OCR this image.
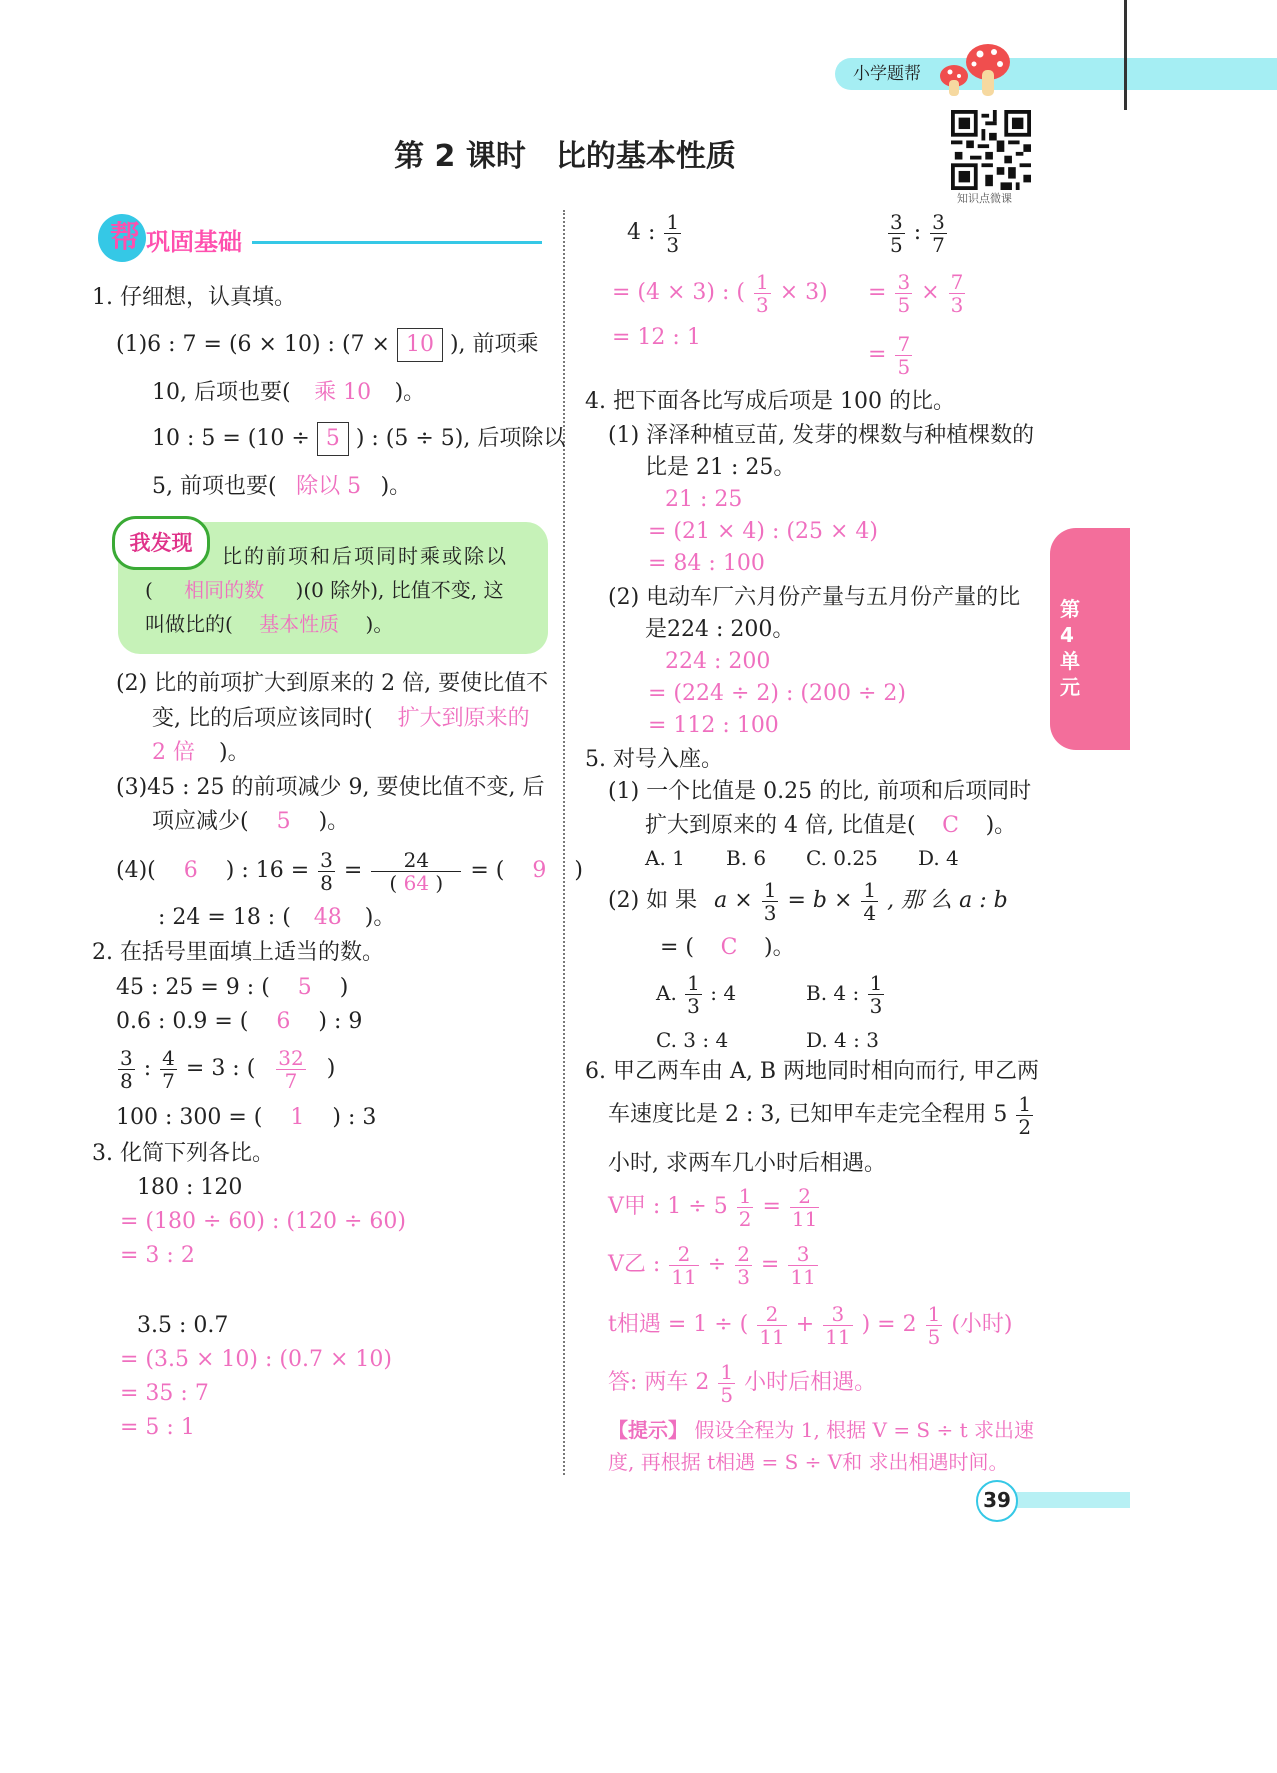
小学题帮
知识点微课
第 2 课时　比的基本性质
帮 巩固基础
第4单元
1. 仔细想，认真填。
(1)6 : 7 = (6 × 10) : (7 × 10 ), 前项乘
10, 后项也要( 乘 10 )。
10 : 5 = (10 ÷ 5 ) : (5 ÷ 5), 后项除以
5, 前项也要( 除以 5 )。
我发现
比的前项和后项同时乘或除以
( 相同的数 )(0 除外), 比值不变, 这
叫做比的( 基本性质 )。
(2) 比的前项扩大到原来的 2 倍, 要使比值不
变, 比的后项应该同时( 扩大到原来的
2 倍 )。
(3)45 : 25 的前项减少 9, 要使比值不变, 后
项应减少( 5 )。
(4)( 6 ) : $16 = \frac{3}{8} = \frac{24}{( 64 )}$ = ( 9 )
: 24 = 18 : ( 48 )。
2. 在括号里面填上适当的数。
45 : 25 = 9 : ( 5 )
0.6 : 0.9 = ( 6 ) : 9
$\frac{3}{8}$ : $\frac{4}{7} = 3$ : ( $\frac{32}{7}$ )
100 : 300 = ( 1 ) : 3
3. 化简下列各比。
180 : 120
= (180 ÷ 60) : (120 ÷ 60)
= 3 : 2
3.5 : 0.7
= (3.5 × 10) : (0.7 × 10)
= 35 : 7
= 5 : 1
4 : $\frac{1}{3}$
= (4 × 3) : ( $\frac{1}{3} \times 3$)
= 12 : 1
$\frac{3}{5}$ : $\frac{3}{7}$
= $\frac{3}{5} \times \frac{7}{3}$
= $\frac{7}{5}$
4. 把下面各比写成后项是 100 的比。
(1) 泽泽种植豆苗, 发芽的棵数与种植棵数的
比是 21 : 25。
21 : 25
= (21 × 4) : (25 × 4)
= 84 : 100
(2) 电动车厂六月份产量与五月份产量的比
是224 : 200。
224 : 200
= (224 ÷ 2) : (200 ÷ 2)
= 112 : 100
5. 对号入座。
(1) 一个比值是 0.25 的比, 前项和后项同时
扩大到原来的 4 倍, 比值是( C )。
A. 1 B. 6 C. 0.25 D. 4
(2) 如 果 $a \times \frac{1}{3} = b \times \frac{1}{4}$ , 那 么 a : b
= ( C )。
A. $\frac{1}{3}$ : 4	B. 4 : $\frac{1}{3}$
C. 3 : 4	D. 4 : 3
6. 甲乙两车由 A, B 两地同时相向而行, 甲乙两
车速度比是 2 : 3, 已知甲车走完全程用 $5 \frac{1}{2}$
小时, 求两车几小时后相遇。
V甲 : $1 \div 5 \frac{1}{2} = \frac{2}{11}$
V乙 : $\frac{2}{11} \div \frac{2}{3} = \frac{3}{11}$
t相遇 = 1 ÷ ( $\frac{2}{11} + \frac{3}{11}$ ) = $2 \frac{1}{5}$ (小时)
答: 两车 $2 \frac{1}{5}$ 小时后相遇。
【提示】 假设全程为 1, 根据 V = S ÷ t 求出速
度, 再根据 t相遇 = S ÷ V和 求出相遇时间。
39
